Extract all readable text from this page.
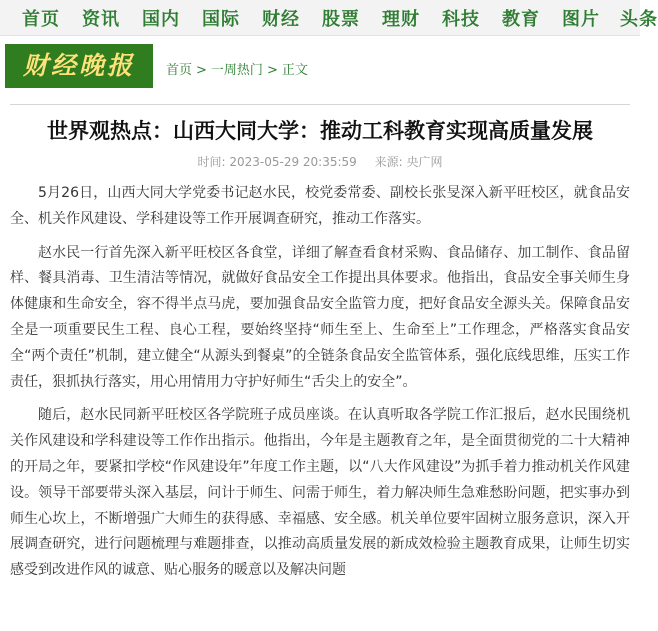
首页 资讯 国内 国际 财经 股票 理财 科技 教育 图片 头条
财经晚报	首页 > 一周热门 > 正文
世界观热点：山西大同大学：推动工科教育实现高质量发展
时间: 2023-05-29 20:35:59 来源: 央广网

5月26日，山西大同大学党委书记赵水民，校党委常委、副校长张旻深入新平旺校区，就食品安全、机关作风建设、学科建设等工作开展调查研究，推动工作落实。

赵水民一行首先深入新平旺校区各食堂，详细了解查看食材采购、食品储存、加工制作、食品留样、餐具消毒、卫生清洁等情况，就做好食品安全工作提出具体要求。他指出，食品安全事关师生身体健康和生命安全，容不得半点马虎，要加强食品安全监管力度，把好食品安全源头关。保障食品安全是一项重要民生工程、良心工程，要始终坚持“师生至上、生命至上”工作理念，严格落实食品安全“两个责任”机制，建立健全“从源头到餐桌”的全链条食品安全监管体系，强化底线思维，压实工作责任，狠抓执行落实，用心用情用力守护好师生“舌尖上的安全”。

随后，赵水民同新平旺校区各学院班子成员座谈。在认真听取各学院工作汇报后，赵水民围绕机关作风建设和学科建设等工作作出指示。他指出，今年是主题教育之年，是全面贯彻党的二十大精神的开局之年，要紧扣学校“作风建设年”年度工作主题，以“八大作风建设”为抓手着力推动机关作风建设。领导干部要带头深入基层，问计于师生、问需于师生，着力解决师生急难愁盼问题，把实事办到师生心坎上，不断增强广大师生的获得感、幸福感、安全感。机关单位要牢固树立服务意识，深入开展调查研究，进行问题梳理与难题排查，以推动高质量发展的新成效检验主题教育成果，让师生切实感受到改进作风的诚意、贴心服务的暖意以及解决问题
